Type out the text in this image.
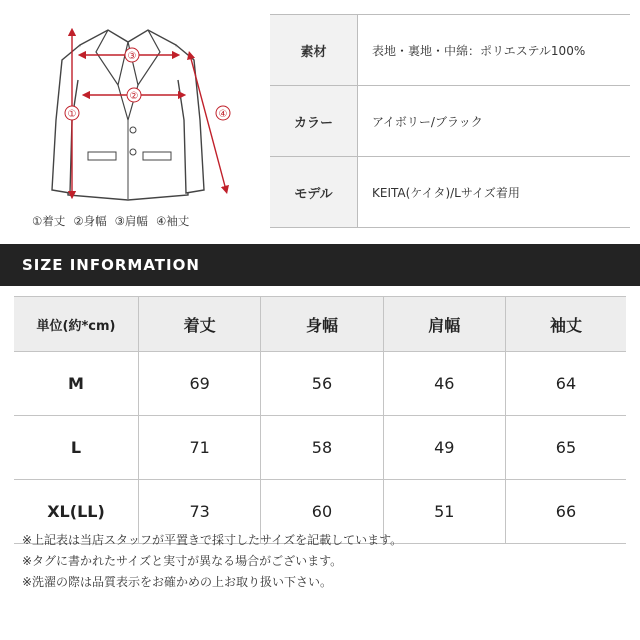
①
②
③
④
①着丈 ②身幅 ③肩幅 ④袖丈
素材	表地・裏地・中綿：ポリエステル100%
カラー	アイボリー/ブラック
モデル	KEITA(ケイタ)/Lサイズ着用
SIZE INFORMATION
単位(約*cm)	着丈	身幅	肩幅	袖丈
M	69	56	46	64
L	71	58	49	65
XL(LL)	73	60	51	66
※上記表は当店スタッフが平置きで採寸したサイズを記載しています。
※タグに書かれたサイズと実寸が異なる場合がございます。
※洗濯の際は品質表示をお確かめの上お取り扱い下さい。
